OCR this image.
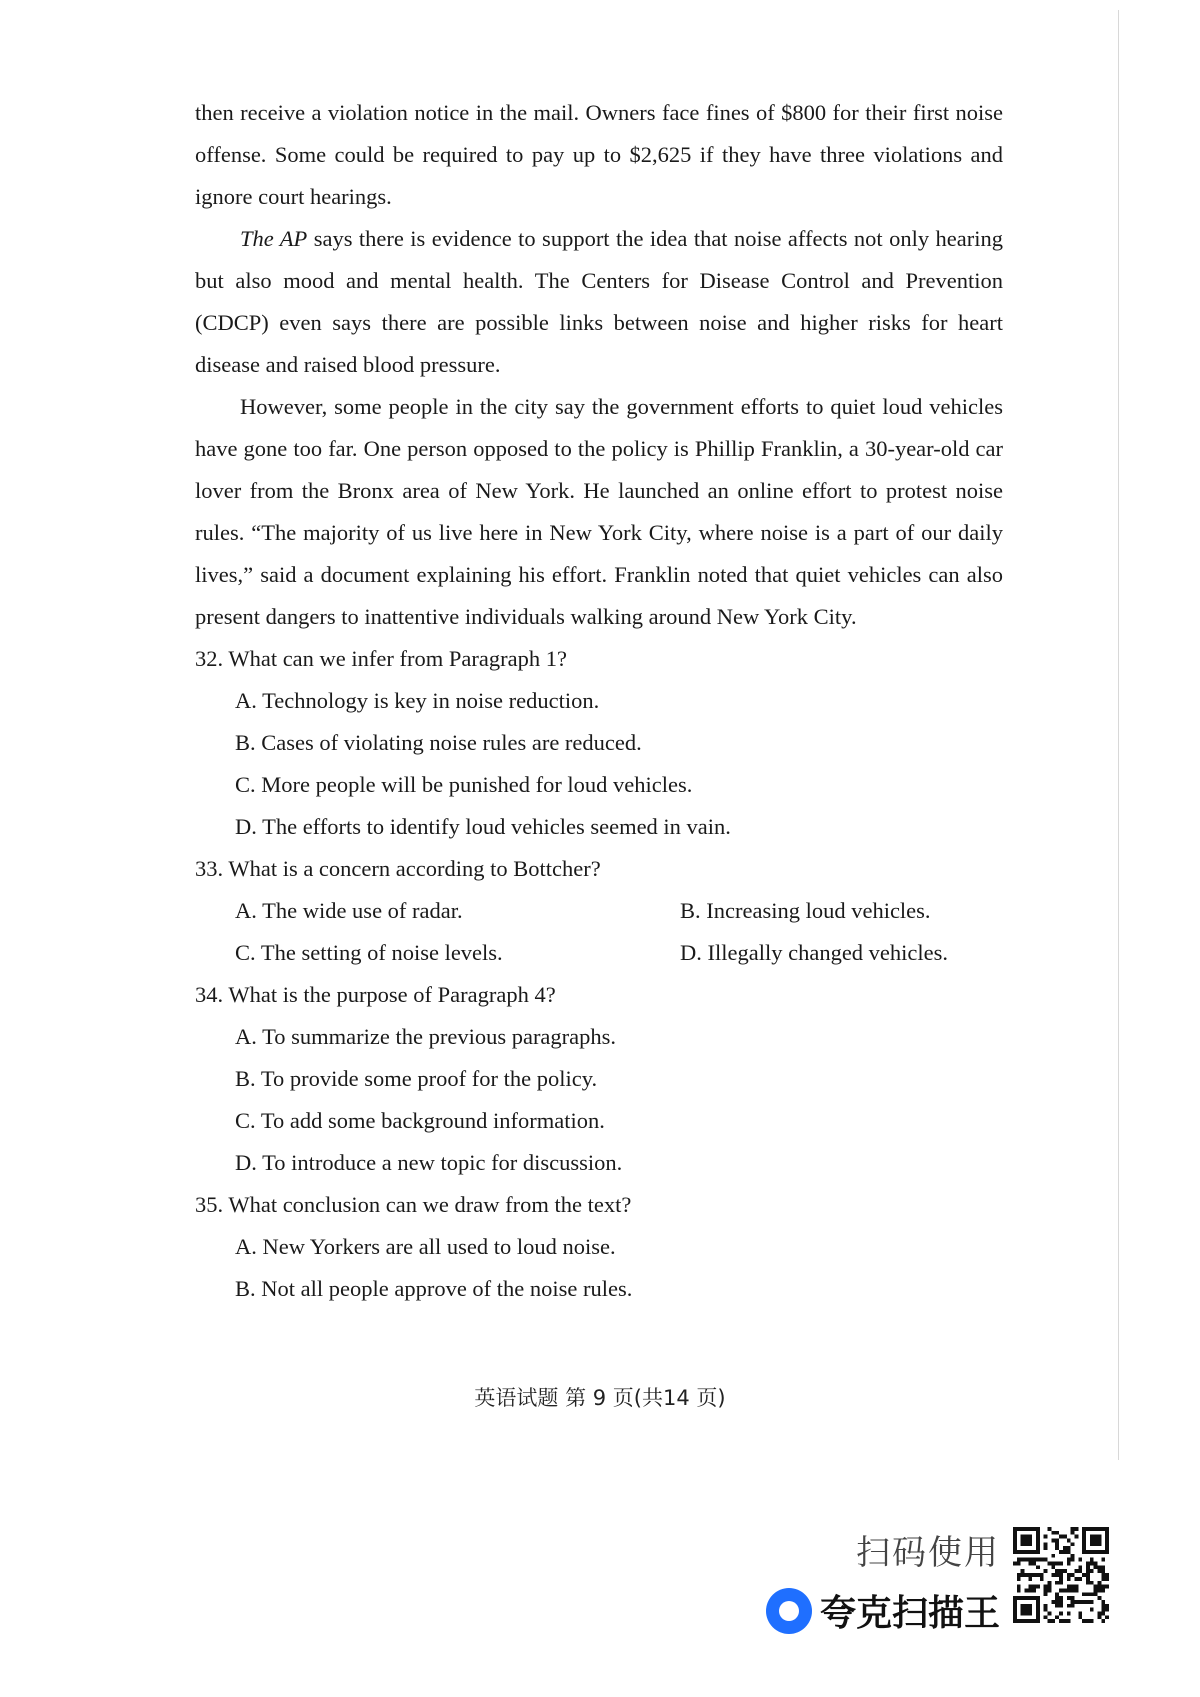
then receive a violation notice in the mail. Owners face fines of $800 for their first noise offense. Some could be required to pay up to $2,625 if they have three violations and ignore court hearings.

The AP says there is evidence to support the idea that noise affects not only hearing but also mood and mental health. The Centers for Disease Control and Prevention (CDCP) even says there are possible links between noise and higher risks for heart disease and raised blood pressure.

However, some people in the city say the government efforts to quiet loud vehicles have gone too far. One person opposed to the policy is Phillip Franklin, a 30-year-old car lover from the Bronx area of New York. He launched an online effort to protest noise rules. “The majority of us live here in New York City, where noise is a part of our daily lives,” said a document explaining his effort. Franklin noted that quiet vehicles can also present dangers to inattentive individuals walking around New York City.

32. What can we infer from Paragraph 1?

A. Technology is key in noise reduction.

B. Cases of violating noise rules are reduced.

C. More people will be punished for loud vehicles.

D. The efforts to identify loud vehicles seemed in vain.

33. What is a concern according to Bottcher?

A. The wide use of radar.	B. Increasing loud vehicles.
C. The setting of noise levels.	D. Illegally changed vehicles.

34. What is the purpose of Paragraph 4?

A. To summarize the previous paragraphs.

B. To provide some proof for the policy.

C. To add some background information.

D. To introduce a new topic for discussion.

35. What conclusion can we draw from the text?

A. New Yorkers are all used to loud noise.

B. Not all people approve of the noise rules.

英语试题 第 9 页(共14 页)
扫码使用
夸克扫描王
